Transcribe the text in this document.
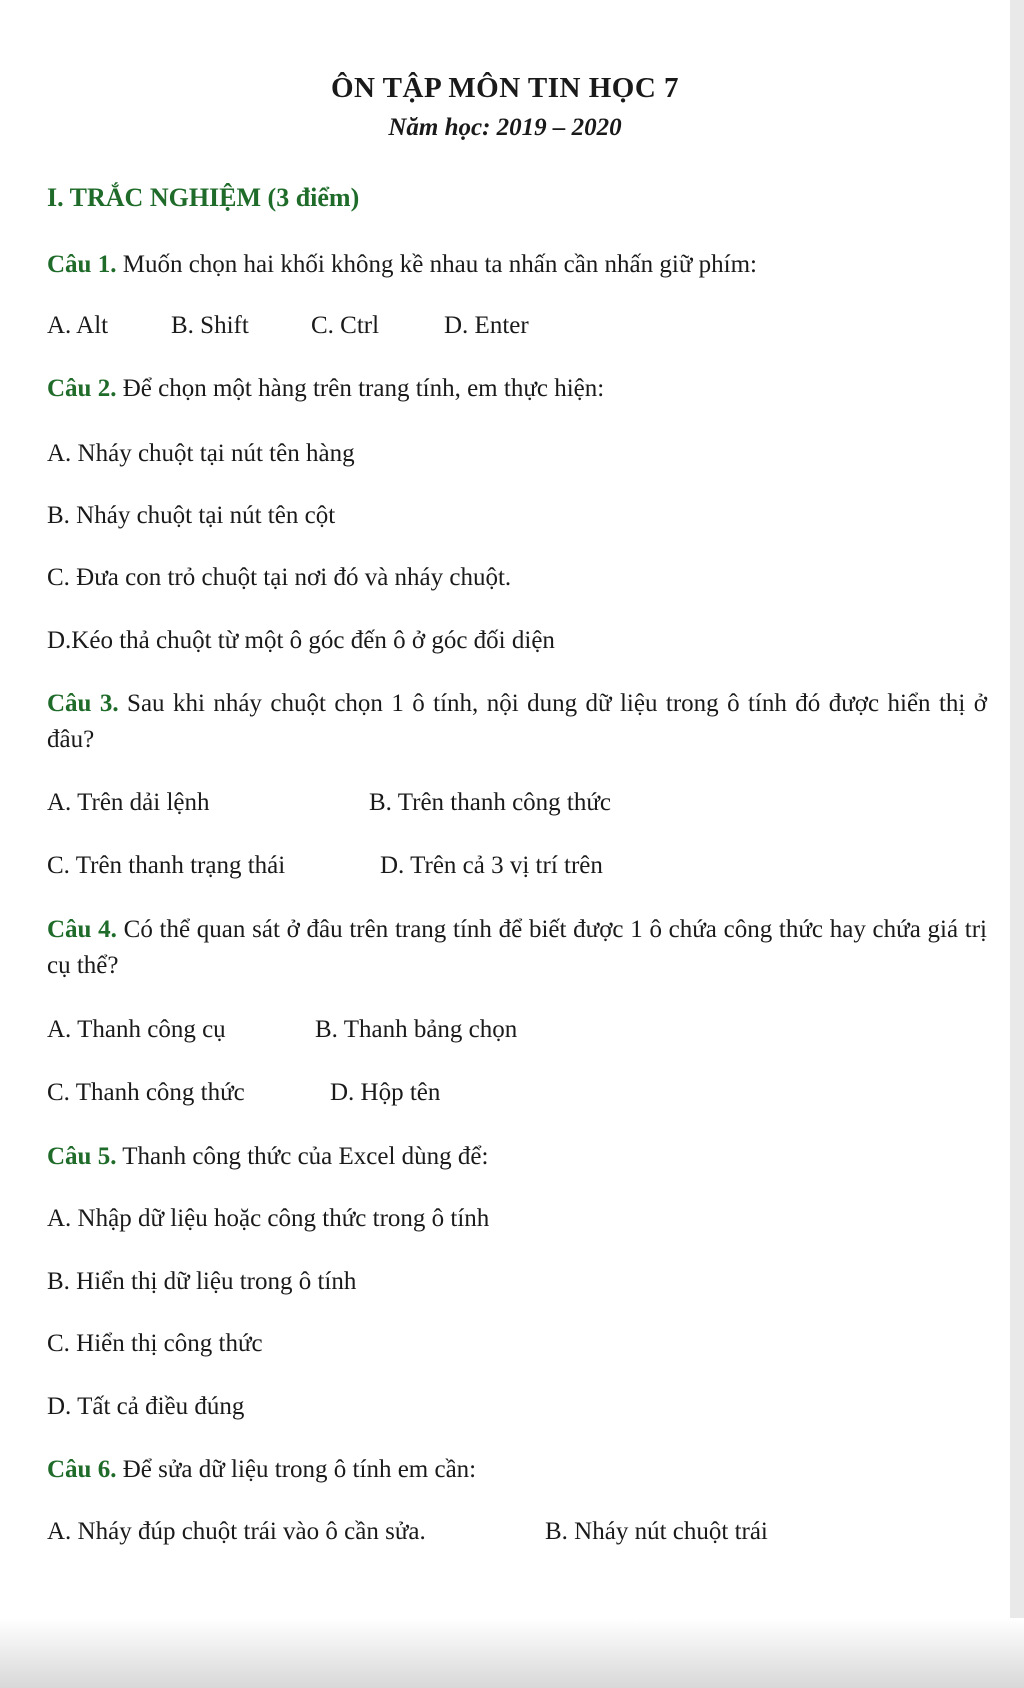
ÔN TẬP MÔN TIN HỌC 7
Năm học: 2019 – 2020
I. TRẮC NGHIỆM (3 điểm)
Câu 1. Muốn chọn hai khối không kề nhau ta nhấn cần nhấn giữ phím:
A. Alt	B. Shift C. Ctrl	D. Enter
Câu 2. Để chọn một hàng trên trang tính, em thực hiện:
A. Nháy chuột tại nút tên hàng
B. Nháy chuột tại nút tên cột
C. Đưa con trỏ chuột tại nơi đó và nháy chuột.
D.Kéo thả chuột từ một ô góc đến ô ở góc đối diện
Câu 3. Sau khi nháy chuột chọn 1 ô tính, nội dung dữ liệu trong ô tính đó được hiển thị ở đâu?
A. Trên dải lệnh	B. Trên thanh công thức
C. Trên thanh trạng thái	D. Trên cả 3 vị trí trên
Câu 4. Có thể quan sát ở đâu trên trang tính để biết được 1 ô chứa công thức hay chứa giá trị cụ thể?
A. Thanh công cụ	B. Thanh bảng chọn
C. Thanh công thức	D. Hộp tên
Câu 5. Thanh công thức của Excel dùng để:
A. Nhập dữ liệu hoặc công thức trong ô tính
B. Hiển thị dữ liệu trong ô tính
C. Hiển thị công thức
D. Tất cả điều đúng
Câu 6. Để sửa dữ liệu trong ô tính em cần:
A. Nháy đúp chuột trái vào ô cần sửa.	B. Nháy nút chuột trái
